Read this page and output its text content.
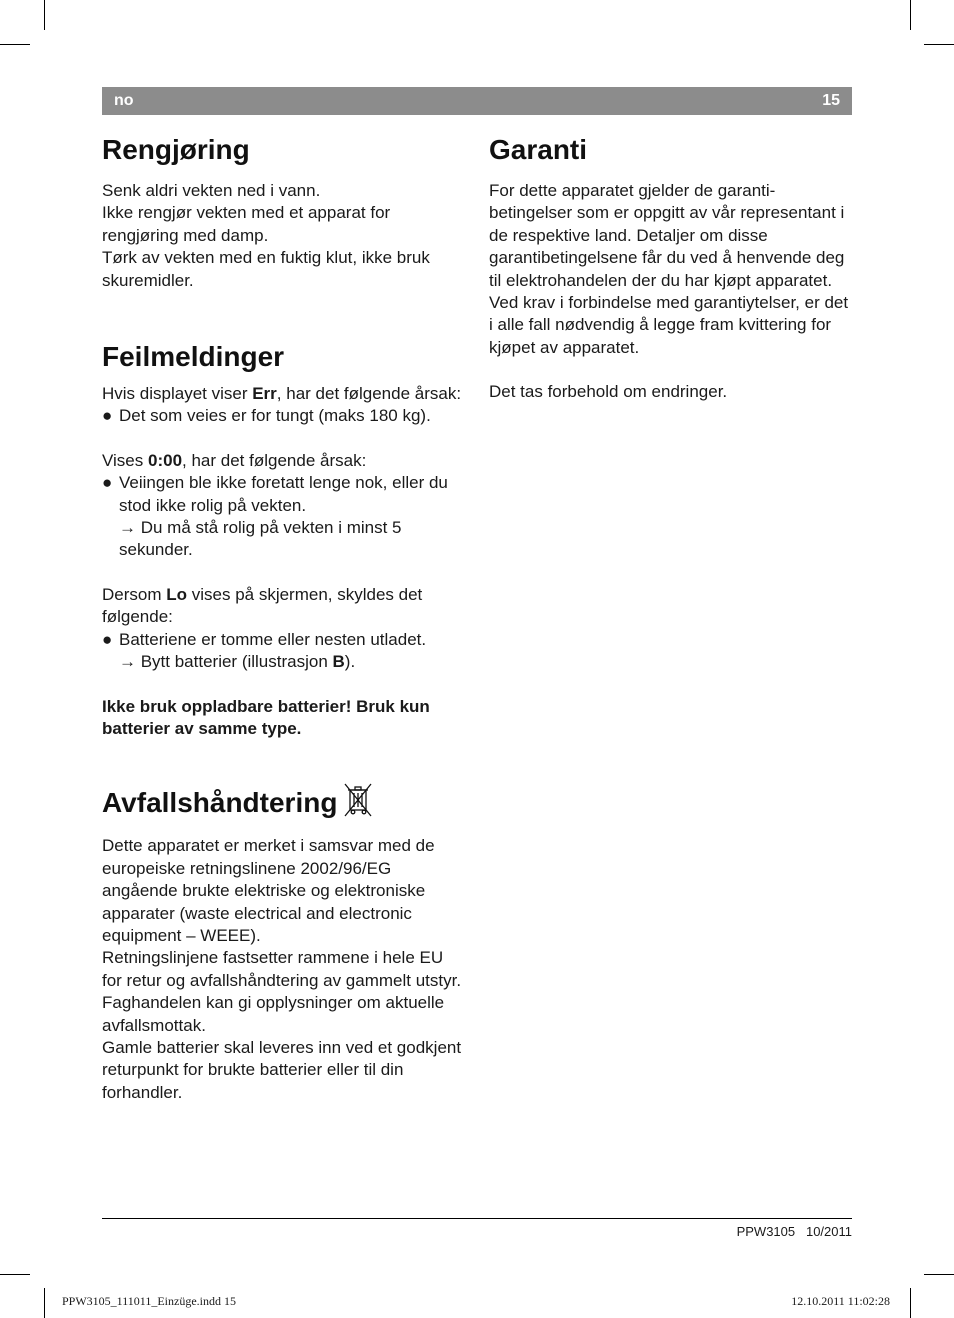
no	15
Rengjøring

Senk aldri vekten ned i vann.

Ikke rengjør vekten med et apparat for rengjøring med damp.

Tørk av vekten med en fuktig klut, ikke bruk skuremidler.

Feilmeldinger

Hvis displayet viser Err, har det følgende årsak:

● Det som veies er for tungt (maks 180 kg).

Vises 0:00, har det følgende årsak:

● Veiingen ble ikke foretatt lenge nok, eller du stod ikke rolig på vekten.
→ Du må stå rolig på vekten i minst 5 sekunder.

Dersom Lo vises på skjermen, skyldes det følgende:

● Batteriene er tomme eller nesten utladet.
→ Bytt batterier (illustrasjon B).

Ikke bruk oppladbare batterier! Bruk kun batterier av samme type.

Avfallshåndtering

Dette apparatet er merket i samsvar med de europeiske retningslinene 2002/96/EG angående brukte elektriske og elektroniske apparater (waste electrical and electronic equipment – WEEE).

Retningslinjene fastsetter rammene i hele EU for retur og avfallshåndtering av gammelt utstyr. Faghandelen kan gi opplysninger om aktuelle avfallsmottak.

Gamle batterier skal leveres inn ved et godkjent returpunkt for brukte batterier eller til din forhandler.

Garanti

For dette apparatet gjelder de garanti-betingelser som er oppgitt av vår representant i de respektive land. Detaljer om disse garantibetingelsene får du ved å henvende deg til elektrohandelen der du har kjøpt apparatet. Ved krav i forbindelse med garantiytelser, er det i alle fall nødvendig å legge fram kvittering for kjøpet av apparatet.

Det tas forbehold om endringer.

PPW3105 10/2011
PPW3105_111011_Einzüge.indd 15	12.10.2011 11:02:28
